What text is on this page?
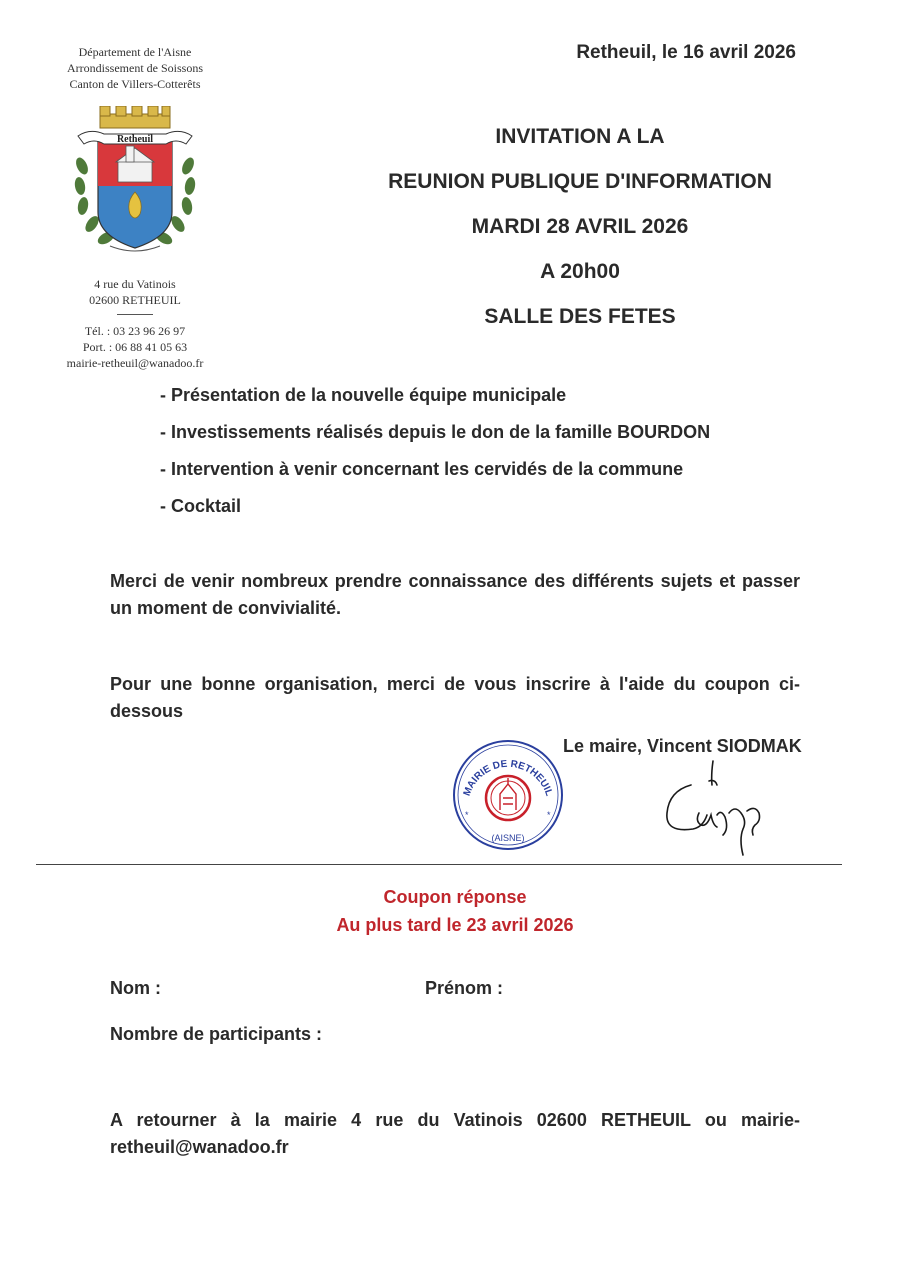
Département de l'Aisne
Arrondissement de Soissons
Canton de Villers-Cotterêts
Retheuil
4 rue du Vatinois
02600 RETHEUIL
Tél. : 03 23 96 26 97
Port. : 06 88 41 05 63
mairie-retheuil@wanadoo.fr
Retheuil, le 16 avril 2026
INVITATION A LA
REUNION PUBLIQUE D'INFORMATION
MARDI 28 AVRIL 2026
A 20h00
SALLE DES FETES
- Présentation de la nouvelle équipe municipale
- Investissements réalisés depuis le don de la famille BOURDON
- Intervention à venir concernant les cervidés de la commune
- Cocktail
Merci de venir nombreux prendre connaissance des différents sujets et passer
un moment de convivialité.
Pour une bonne organisation, merci de vous inscrire à l'aide du coupon ci-
dessous
Le maire, Vincent SIODMAK
MAIRIE DE RETHEUIL
(AISNE)
*	*
Coupon réponse
Au plus tard le 23 avril 2026
Nom :	Prénom :
Nombre de participants :
A retourner à la mairie 4 rue du Vatinois 02600 RETHEUIL ou mairie-
retheuil@wanadoo.fr
